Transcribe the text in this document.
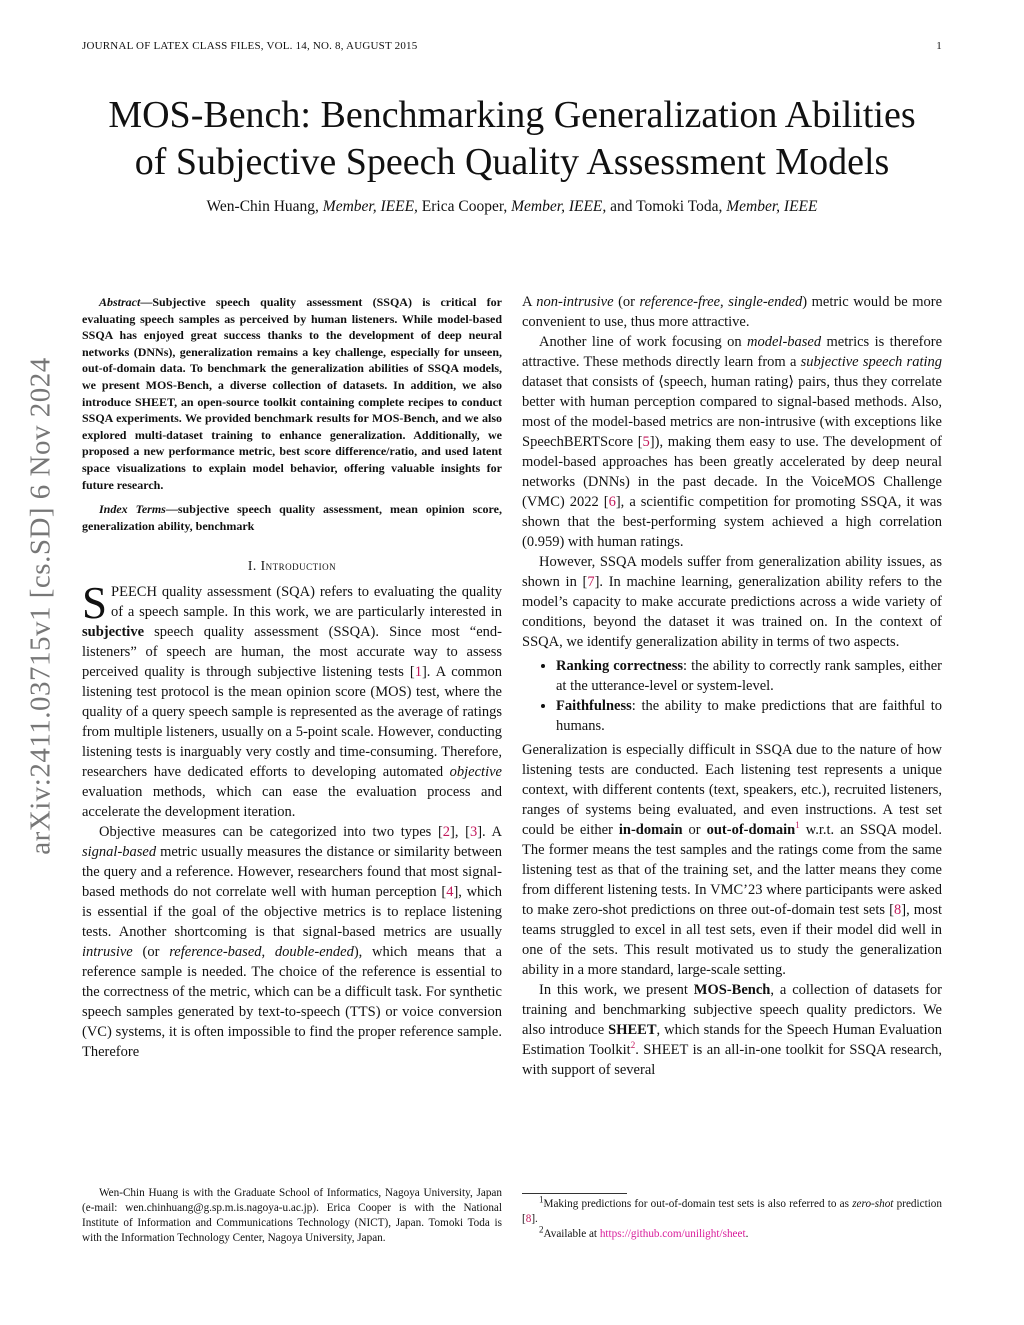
JOURNAL OF LATEX CLASS FILES, VOL. 14, NO. 8, AUGUST 2015	1
arXiv:2411.03715v1 [cs.SD] 6 Nov 2024
MOS-Bench: Benchmarking Generalization Abilities
of Subjective Speech Quality Assessment Models
Wen-Chin Huang, Member, IEEE, Erica Cooper, Member, IEEE, and Tomoki Toda, Member, IEEE

Abstract—Subjective speech quality assessment (SSQA) is critical for evaluating speech samples as perceived by human listeners. While model-based SSQA has enjoyed great success thanks to the development of deep neural networks (DNNs), generalization remains a key challenge, especially for unseen, out-of-domain data. To benchmark the generalization abilities of SSQA models, we present MOS-Bench, a diverse collection of datasets. In addition, we also introduce SHEET, an open-source toolkit containing complete recipes to conduct SSQA experiments. We provided benchmark results for MOS-Bench, and we also explored multi-dataset training to enhance generalization. Additionally, we proposed a new performance metric, best score difference/ratio, and used latent space visualizations to explain model behavior, offering valuable insights for future research.

Index Terms—subjective speech quality assessment, mean opinion score, generalization ability, benchmark

I. Introduction

SPEECH quality assessment (SQA) refers to evaluating the quality of a speech sample. In this work, we are particularly interested in subjective speech quality assessment (SSQA). Since most “end-listeners” of speech are human, the most accurate way to assess perceived quality is through subjective listening tests [1]. A common listening test protocol is the mean opinion score (MOS) test, where the quality of a query speech sample is represented as the average of ratings from multiple listeners, usually on a 5-point scale. However, conducting listening tests is inarguably very costly and time-consuming. Therefore, researchers have dedicated efforts to developing automated objective evaluation methods, which can ease the evaluation process and accelerate the development iteration.

Objective measures can be categorized into two types [2], [3]. A signal-based metric usually measures the distance or similarity between the query and a reference. However, researchers found that most signal-based methods do not correlate well with human perception [4], which is essential if the goal of the objective metrics is to replace listening tests. Another shortcoming is that signal-based metrics are usually intrusive (or reference-based, double-ended), which means that a reference sample is needed. The choice of the reference is essential to the correctness of the metric, which can be a difficult task. For synthetic speech samples generated by text-to-speech (TTS) or voice conversion (VC) systems, it is often impossible to find the proper reference sample. Therefore

Wen-Chin Huang is with the Graduate School of Informatics, Nagoya University, Japan (e-mail: wen.chinhuang@g.sp.m.is.nagoya-u.ac.jp). Erica Cooper is with the National Institute of Information and Communications Technology (NICT), Japan. Tomoki Toda is with the Information Technology Center, Nagoya University, Japan.

A non-intrusive (or reference-free, single-ended) metric would be more convenient to use, thus more attractive.

Another line of work focusing on model-based metrics is therefore attractive. These methods directly learn from a subjective speech rating dataset that consists of ⟨speech, human rating⟩ pairs, thus they correlate better with human perception compared to signal-based methods. Also, most of the model-based metrics are non-intrusive (with exceptions like SpeechBERTScore [5]), making them easy to use. The development of model-based approaches has been greatly accelerated by deep neural networks (DNNs) in the past decade. In the VoiceMOS Challenge (VMC) 2022 [6], a scientific competition for promoting SSQA, it was shown that the best-performing system achieved a high correlation (0.959) with human ratings.

However, SSQA models suffer from generalization ability issues, as shown in [7]. In machine learning, generalization ability refers to the model’s capacity to make accurate predictions across a wide variety of conditions, beyond the dataset it was trained on. In the context of SSQA, we identify generalization ability in terms of two aspects.

• Ranking correctness: the ability to correctly rank samples, either at the utterance-level or system-level.
• Faithfulness: the ability to make predictions that are faithful to humans.

Generalization is especially difficult in SSQA due to the nature of how listening tests are conducted. Each listening test represents a unique context, with different contents (text, speakers, etc.), recruited listeners, ranges of systems being evaluated, and even instructions. A test set could be either in-domain or out-of-domain$^1$ w.r.t. an SSQA model. The former means the test samples and the ratings come from the same listening test as that of the training set, and the latter means they come from different listening tests. In VMC’23 where participants were asked to make zero-shot predictions on three out-of-domain test sets [8], most teams struggled to excel in all test sets, even if their model did well in one of the sets. This result motivated us to study the generalization ability in a more standard, large-scale setting.

In this work, we present MOS-Bench, a collection of datasets for training and benchmarking subjective speech quality predictors. We also introduce SHEET, which stands for the Speech Human Evaluation Estimation Toolkit$^2$. SHEET is an all-in-one toolkit for SSQA research, with support of several

$^1$Making predictions for out-of-domain test sets is also referred to as zero-shot prediction [8].

$^2$Available at https://github.com/unilight/sheet.
